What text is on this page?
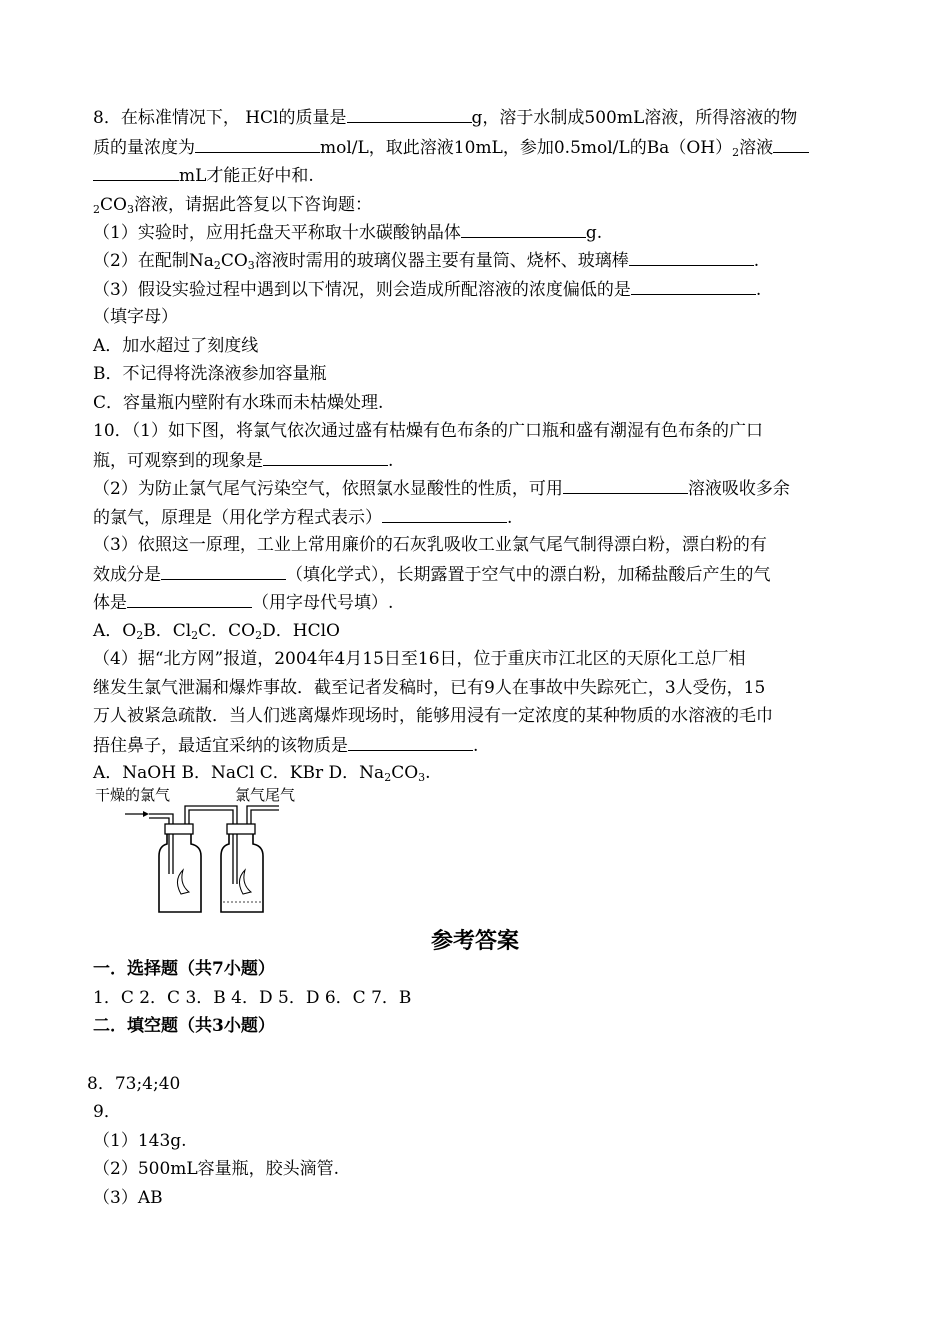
8．在标准情况下， HCl的质量是	g，溶于水制成500mL溶液，所得溶液的物
质的量浓度为	mol/L，取此溶液10mL，参加0.5mol/L的$Ba(OH)_2$溶液
mL才能正好中和.
$_2CO_3$溶液，请据此答复以下咨询题：
（1）实验时，应用托盘天平称取十水碳酸钠晶体	g.
（2）在配制$Na_2CO_3$溶液时需用的玻璃仪器主要有量筒、烧杯、玻璃棒	.
（3）假设实验过程中遇到以下情况，则会造成所配溶液的浓度偏低的是	.
（填字母）
A．加水超过了刻度线
B．不记得将洗涤液参加容量瓶
C．容量瓶内壁附有水珠而未枯燥处理.
10．（1）如下图，将氯气依次通过盛有枯燥有色布条的广口瓶和盛有潮湿有色布条的广口
瓶，可观察到的现象是	.
（2）为防止氯气尾气污染空气，依照氯水显酸性的性质，可用	溶液吸收多余
的氯气，原理是（用化学方程式表示）	.
（3）依照这一原理，工业上常用廉价的石灰乳吸收工业氯气尾气制得漂白粉，漂白粉的有
效成分是	（填化学式），长期露置于空气中的漂白粉，加稀盐酸后产生的气
体是	（用字母代号填）.
A．$O_2B$．$Cl_2C$．$CO_2D$．HClO
（4）据“北方网”报道，2004年4月15日至16日，位于重庆市江北区的天原化工总厂相
继发生氯气泄漏和爆炸事故．截至记者发稿时，已有9人在事故中失踪死亡，3人受伤，15
万人被紧急疏散．当人们逃离爆炸现场时，能够用浸有一定浓度的某种物质的水溶液的毛巾
捂住鼻子，最适宜采纳的该物质是	.
A．NaOH B．NaCl C．KBr D．$Na_2CO_3$.
干燥的氯气	氯气尾气
参考答案
一．选择题（共7小题）
1．C 2．C 3．B 4．D 5．D 6．C 7．B
二．填空题（共3小题）
8．73;4;40
9．
（1）143g.
（2）500mL容量瓶，胶头滴管.
（3）AB
